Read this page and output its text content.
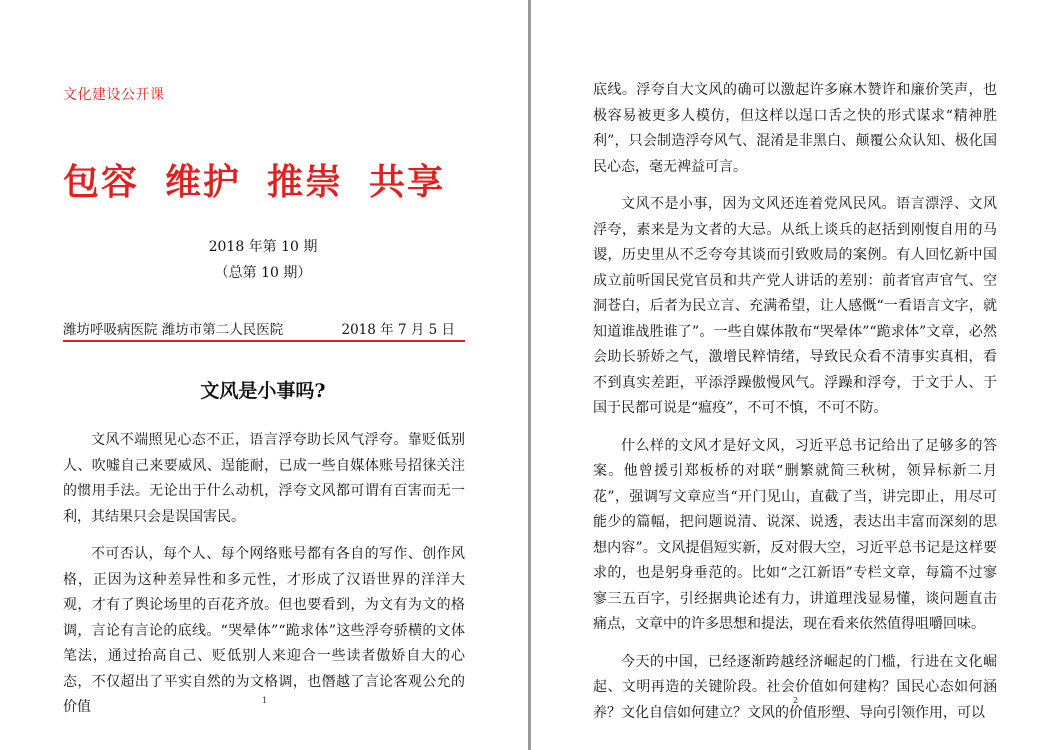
文化建设公开课
包容 维护 推崇 共享
2018 年第 10 期
（总第 10 期）
潍坊呼吸病医院 潍坊市第二人民医院	2018 年 7 月 5 日
文风是小事吗?

文风不端照见心态不正，语言浮夸助长风气浮夸。靠贬低别人、吹嘘自己来要威风、逞能耐，已成一些自媒体账号招徕关注的惯用手法。无论出于什么动机，浮夸文风都可谓有百害而无一利，其结果只会是误国害民。

不可否认，每个人、每个网络账号都有各自的写作、创作风格，正因为这种差异性和多元性，才形成了汉语世界的洋洋大观，才有了舆论场里的百花齐放。但也要看到，为文有为文的格调，言论有言论的底线。“哭晕体”“跪求体”这些浮夸骄横的文体笔法，通过抬高自己、贬低别人来迎合一些读者傲娇自大的心态，不仅超出了平实自然的为文格调，也僭越了言论客观公允的价值	1

底线。浮夸自大文风的确可以激起许多麻木赞许和廉价笑声，也极容易被更多人模仿，但这样以逞口舌之快的形式谋求“精神胜利”，只会制造浮夸风气、混淆是非黑白、颠覆公众认知、极化国民心态，毫无裨益可言。

文风不是小事，因为文风还连着党风民风。语言漂浮、文风浮夸，素来是为文者的大忌。从纸上谈兵的赵括到刚愎自用的马谡，历史里从不乏夸夸其谈而引致败局的案例。有人回忆新中国成立前听国民党官员和共产党人讲话的差别：前者官声官气、空洞苍白，后者为民立言、充满希望，让人感慨“一看语言文字，就知道谁战胜谁了”。一些自媒体散布“哭晕体”“跪求体”文章，必然会助长骄娇之气，激增民粹情绪，导致民众看不清事实真相，看不到真实差距，平添浮躁傲慢风气。浮躁和浮夸，于文于人、于国于民都可说是“瘟疫”，不可不慎，不可不防。

什么样的文风才是好文风，习近平总书记给出了足够多的答案。他曾援引郑板桥的对联“删繁就简三秋树，领异标新二月花”，强调写文章应当“开门见山，直截了当，讲完即止，用尽可能少的篇幅，把问题说清、说深、说透，表达出丰富而深刻的思想内容”。文风提倡短实新，反对假大空，习近平总书记是这样要求的，也是躬身垂范的。比如“之江新语”专栏文章，每篇不过寥寥三五百字，引经据典论述有力，讲道理浅显易懂，谈问题直击痛点，文章中的许多思想和提法，现在看来依然值得咀嚼回味。

今天的中国，已经逐渐跨越经济崛起的门槛，行进在文化崛起、文明再造的关键阶段。社会价值如何建构？国民心态如何涵养？文化自信如何建立？文风的价值形塑、导向引领作用，可以

2
